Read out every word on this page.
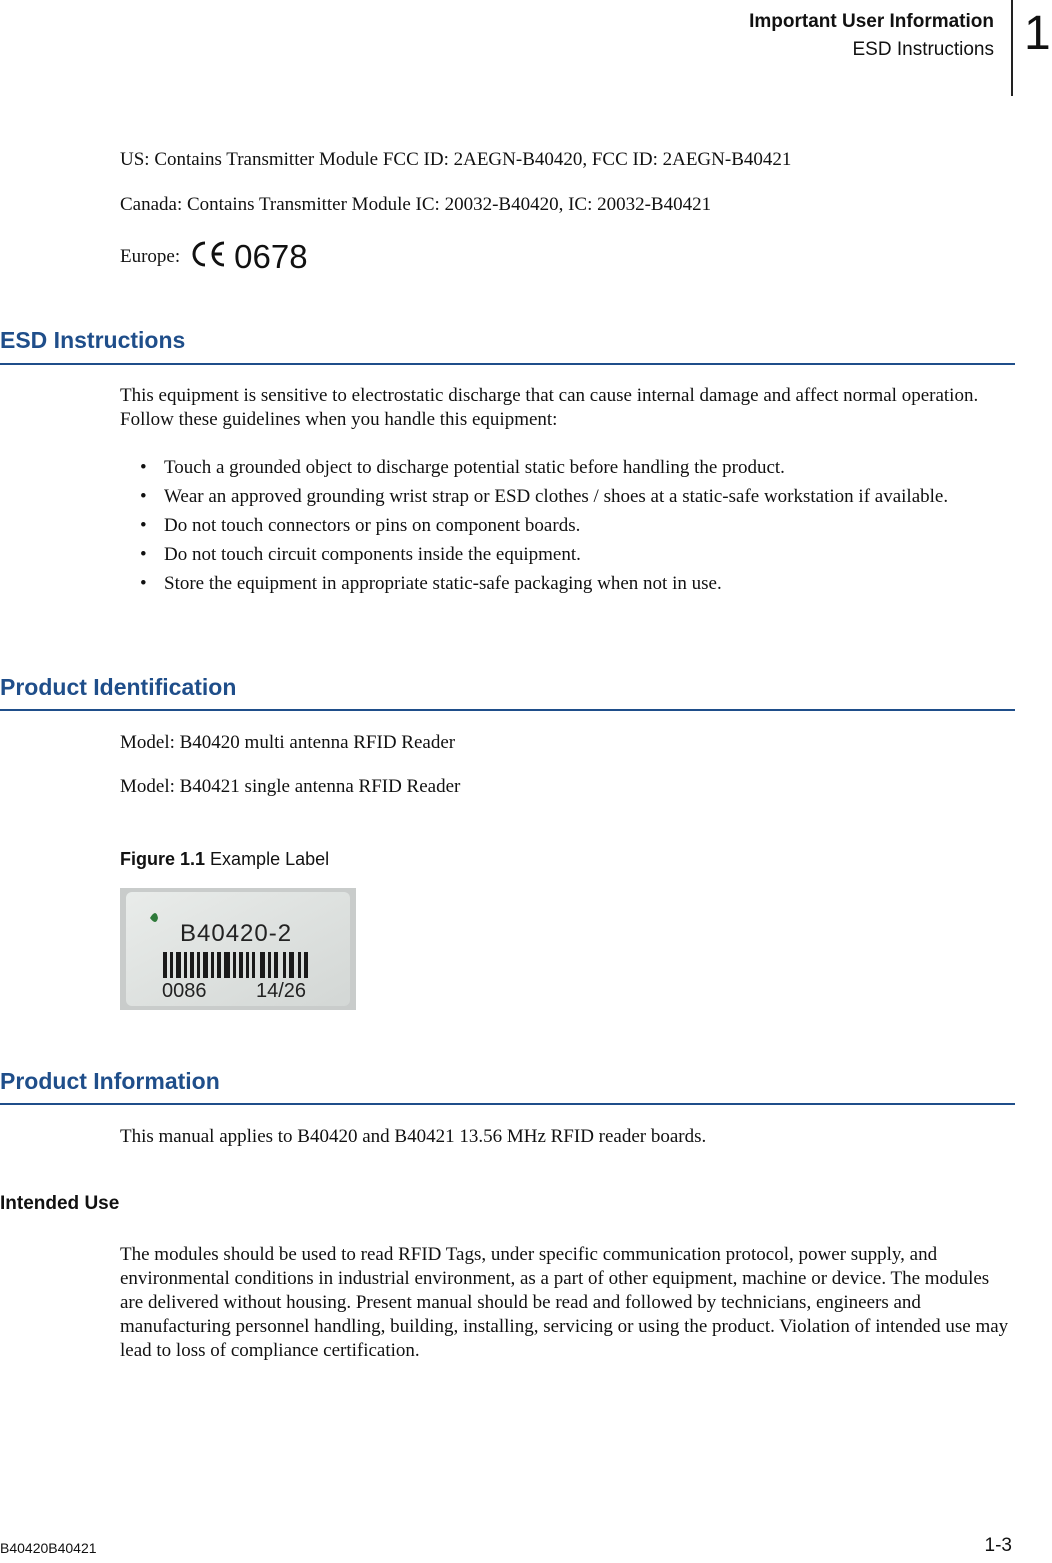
Important User Information
ESD Instructions 1
US: Contains Transmitter Module FCC ID: 2AEGN-B40420, FCC ID: 2AEGN-B40421
Canada: Contains Transmitter Module IC: 20032-B40420, IC: 20032-B40421
Europe: 0678
ESD Instructions
This equipment is sensitive to electrostatic discharge that can cause internal damage and affect normal operation. Follow these guidelines when you handle this equipment:
• Touch a grounded object to discharge potential static before handling the product.
• Wear an approved grounding wrist strap or ESD clothes / shoes at a static-safe workstation if available.
• Do not touch connectors or pins on component boards.
• Do not touch circuit components inside the equipment.
• Store the equipment in appropriate static-safe packaging when not in use.
Product Identification
Model: B40420 multi antenna RFID Reader
Model: B40421 single antenna RFID Reader
Figure 1.1 Example Label
B40420-2
0086 14/26
Product Information
This manual applies to B40420 and B40421 13.56 MHz RFID reader boards.
Intended Use
The modules should be used to read RFID Tags, under specific communication protocol, power supply, and environmental conditions in industrial environment, as a part of other equipment, machine or device. The modules are delivered without housing. Present manual should be read and followed by technicians, engineers and manufacturing personnel handling, building, installing, servicing or using the product. Violation of intended use may lead to loss of compliance certification.
B40420B40421	1-3
